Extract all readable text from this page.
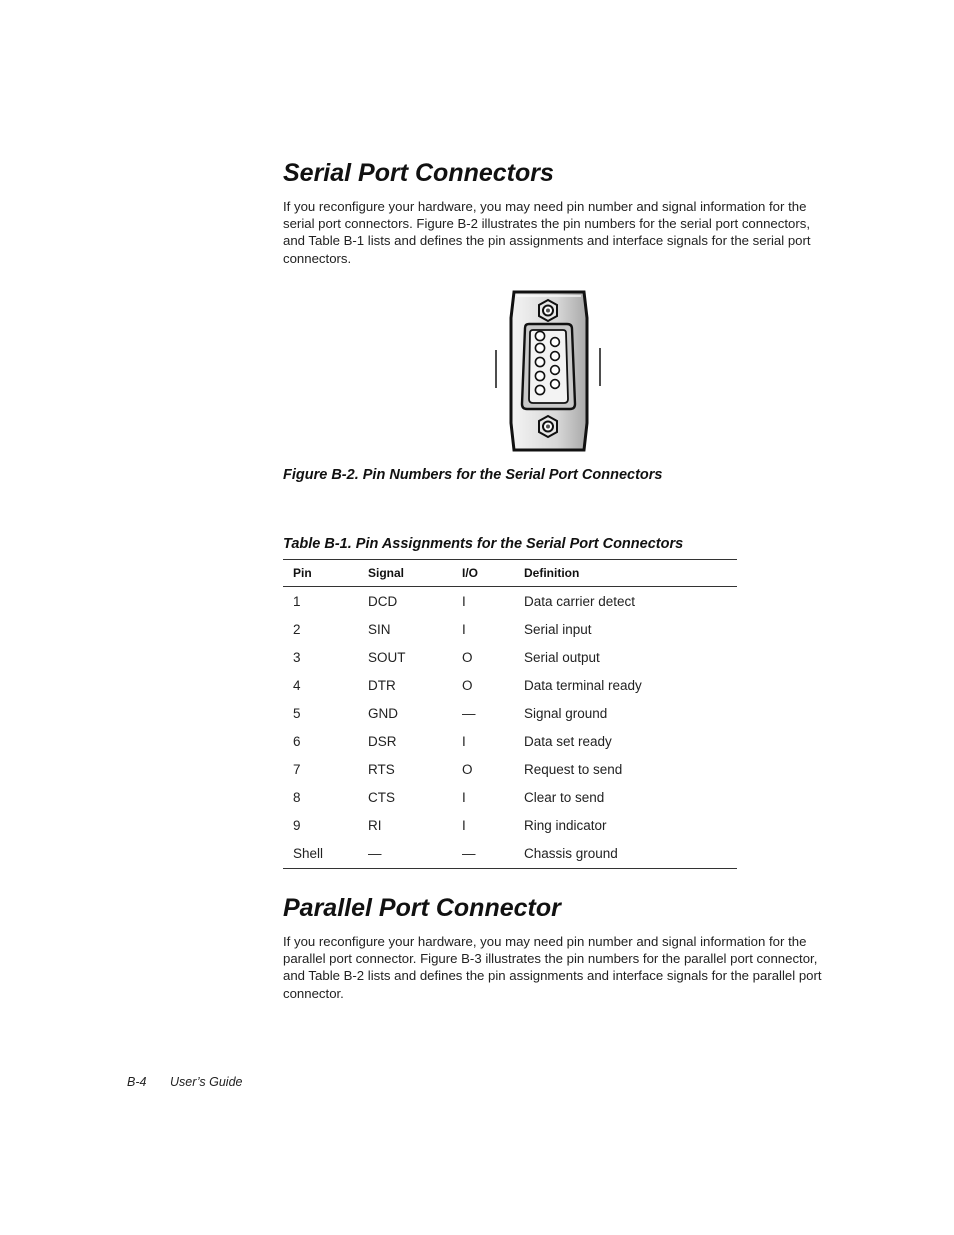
Serial Port Connectors

If you reconfigure your hardware, you may need pin number and signal information for the serial port connectors. Figure B-2 illustrates the pin numbers for the serial port connectors, and Table B-1 lists and defines the pin assignments and interface signals for the serial port connectors.

Figure B-2. Pin Numbers for the Serial Port Connectors

Table B-1. Pin Assignments for the Serial Port Connectors

Pin	Signal	I/O	Definition
1	DCD	I	Data carrier detect
2	SIN	I	Serial input
3	SOUT	O	Serial output
4	DTR	O	Data terminal ready
5	GND	—	Signal ground
6	DSR	I	Data set ready
7	RTS	O	Request to send
8	CTS	I	Clear to send
9	RI	I	Ring indicator
Shell	—	—	Chassis ground
Parallel Port Connector

If you reconfigure your hardware, you may need pin number and signal information for the parallel port connector. Figure B-3 illustrates the pin numbers for the parallel port connector, and Table B-2 lists and defines the pin assignments and interface signals for the parallel port connector.

B-4 User’s Guide
